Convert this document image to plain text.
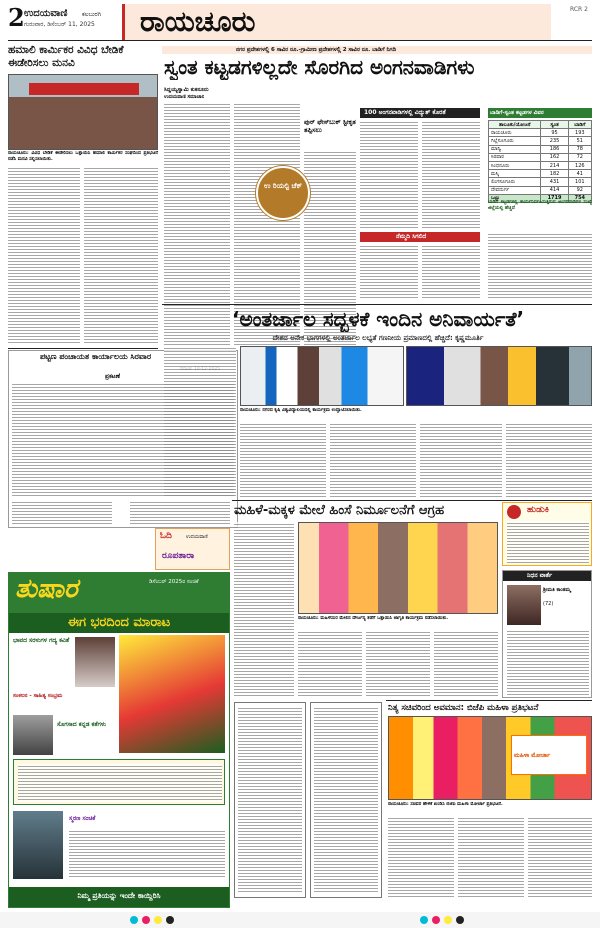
2 ಉದಯವಾಣಿ ಕಲಬುರಗಿ
ಗುರುವಾರ, ಡಿಸೆಂಬರ್ 11, 2025 ರಾಯಚೂರು	RCR 2
ಹಮಾಲಿ ಕಾರ್ಮಿಕರ ವಿವಿಧ ಬೇಡಿಕೆ ಈಡೇರಿಸಲು ಮನವಿ
ರಾಯಚೂರು: ವಿವಿಧ ಬೇಡಿಕೆ ಈಡೇರಿಸಲು ಒತ್ತಾಯಿಸಿ ಹಮಾಲಿ ಕಾರ್ಮಿಕರ ಸಂಘದಿಂದ ಪ್ರತಿಭಟನೆ ನಡೆಸಿ ಮನವಿ ಸಲ್ಲಿಸಲಾಯಿತು.
ಪಟ್ಟಣ ಪಂಚಾಯತ ಕಾರ್ಯಾಲಯ ಸಿರವಾರ
ಪ್ರಕಟಣೆ
ಓದಿ	ಉದಯವಾಣಿ
ರೂಪತಾರಾ
ತುಷಾರ	ಡಿಸೆಂಬರ್ 2025ರ ಸಂಚಿಕೆ
ಈಗ ಭರದಿಂದ ಮಾರಾಟ
ಭಾವದ ಸರಳುಗಳ ಗದ್ಯ ಕವಿತೆ
ಸಂಕಲನ - ಸಾಹಿತ್ಯ ಸಂಭ್ರಮ
ಸೊಗಸಾದ ಕನ್ನಡ ಕತೆಗಳು
ಸ್ಮರಣ ಸಂಚಿಕೆ
ನಿಮ್ಮ ಪ್ರತಿಯನ್ನು ಇಂದೇ ಕಾಯ್ದಿರಿಸಿ
ನಗರ ಪ್ರದೇಶಗಳಲ್ಲಿ 6 ಸಾವಿರ ರೂ.-ಗ್ರಾಮೀಣ ಪ್ರದೇಶಗಳಲ್ಲಿ 2 ಸಾವಿರ ರೂ. ಬಾಡಿಗೆ ನಿಗದಿ
ಸ್ವಂತ ಕಟ್ಟಡಗಳಿಲ್ಲದೇ ಸೊರಗಿದ ಅಂಗನವಾಡಿಗಳು
ಸಿದ್ದಯ್ಯಸ್ವಾಮಿ ಕುಕನೂರು
ಉದಯವಾಣಿ ಸಮಾಚಾರ
ಪುನ್ ಫೇಸ್‌ಬುಕ್ ಸ್ಟೀಕೃತ ತಪ್ಪಿಸಲು
ಉ ರಿಯಲ್ಟಿ ಚೆಕ್
100 ಅಂಗನವಾಡಿಗಳಲ್ಲಿ ವಿದ್ಯುತ್ ಕೊರತೆ
ನೆಮ್ಮದಿ ಸಿಗಲಿದೆ
ಬಾಡಿಗೆ-ಸ್ವಂತ ಕಟ್ಟಡಗಳ ವಿವರ
ತಾಲೂಕು/ಯೋಜನೆ	ಸ್ವಂತ	ಬಾಡಿಗೆ
ರಾಯಚೂರು	95	193
ಗಿಲ್ಲೆಸೂಗೂರು	235	51
ಮಾನ್ವಿ	186	78
ಸಿರವಾರ	162	72
ಸಿಂಧನೂರು	214	126
ಮಸ್ಕಿ	182	41
ಲಿಂಗಸೂಗೂರು	431	101
ದೇವದುರ್ಗ	414	92
ಒಟ್ಟು	1719	754
ಬಾಡಿಗೆ ಕಟ್ಟಡಗಳಲ್ಲಿ ಕಾರ್ಯನಿರ್ವಹಿಸುತ್ತಿರುವ ಅಂಗನವಾಡಿಗಳ ಸಂಖ್ಯೆ ಜಿಲ್ಲೆಯಲ್ಲಿ ಹೆಚ್ಚಿದೆ
‘ಅಂತರ್ಜಾಲ ಸದ್ಬಳಕೆ ಇಂದಿನ ಅನಿವಾರ್ಯತೆ’
ದೇಶದ ಅನೇಕ ಭಾಗಗಳಲ್ಲಿ ಅಂತರ್ಜಾಲ ಲಭ್ಯತೆ ಗಣನೀಯ ಪ್ರಮಾಣದಲ್ಲಿ ಹೆಚ್ಚಿದೆ: ಕೃಷ್ಣಮೂರ್ತಿ
ರಾಯಚೂರು: ನಗರದ ಕೃಷಿ ವಿಶ್ವವಿದ್ಯಾಲಯದಲ್ಲಿ ಕಾರ್ಯಕ್ರಮ ಉದ್ಘಾಟಿಸಲಾಯಿತು.
ಮಹಿಳೆ-ಮಕ್ಕಳ ಮೇಲೆ ಹಿಂಸೆ ನಿರ್ಮೂಲನೆಗೆ ಆಗ್ರಹ
ರಾಯಚೂರು: ಮಹಿಳೆಯರ ಮೇಲಿನ ದೌರ್ಜನ್ಯ ತಡೆಗೆ ಒತ್ತಾಯಿಸಿ ಜಾಗೃತಿ ಕಾರ್ಯಕ್ರಮ ನಡೆಸಲಾಯಿತು.
ಹುಡುಕಿ
ನಿಧನ ವಾರ್ತೆ
ಶ್ರೀಮತಿ ಕಾಂತಮ್ಮ
(72)
ನಿತ್ಯ ಸಚಿವರಿಂದ ಅವಮಾನ: ಬಿಜೆಪಿ ಮಹಿಳಾ ಪ್ರತಿಭಟನೆ
ಮಹಿಳಾ ಮೋರ್ಚಾ
ರಾಯಚೂರು: ಸಚಿವರ ಹೇಳಿಕೆ ಖಂಡಿಸಿ ಬಿಜೆಪಿ ಮಹಿಳಾ ಮೋರ್ಚಾ ಪ್ರತಿಭಟನೆ.
